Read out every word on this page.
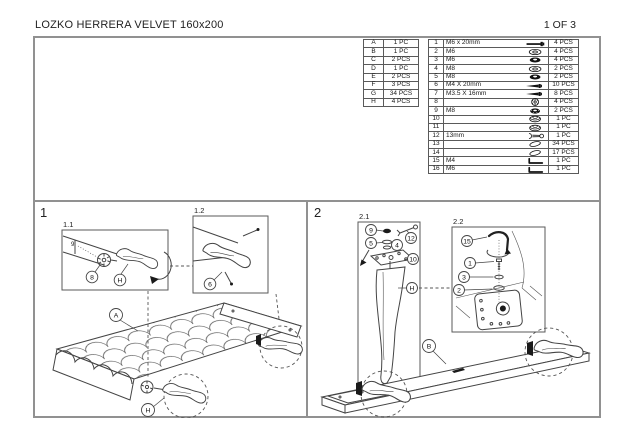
LOZKO HERRERA VELVET 160x200	1 OF 3
A	1 PC
B	1 PC
C	2 PCS
D	1 PC
E	2 PCS
F	3 PCS
G	34 PCS
H	4 PCS
1	M6 x 20mm	4 PCS
2	M6	4 PCS
3	M6	4 PCS
4	M8	2 PCS
5	M8	2 PCS
6	M4 X 20mm	10 PCS
7	M3.5 X 16mm	8 PCS
8		4 PCS
9	M8	2 PCS
10		1 PC
11		1 PC
12	13mm	1 PC
13		34 PCS
14		17 PCS
15	M4	1 PC
16	M6	1 PC
1	2
1.1
9
8	H
1.2
6
A
H
2.1
9
5	4
12
10
H
2.2
15
1
3
2
B
